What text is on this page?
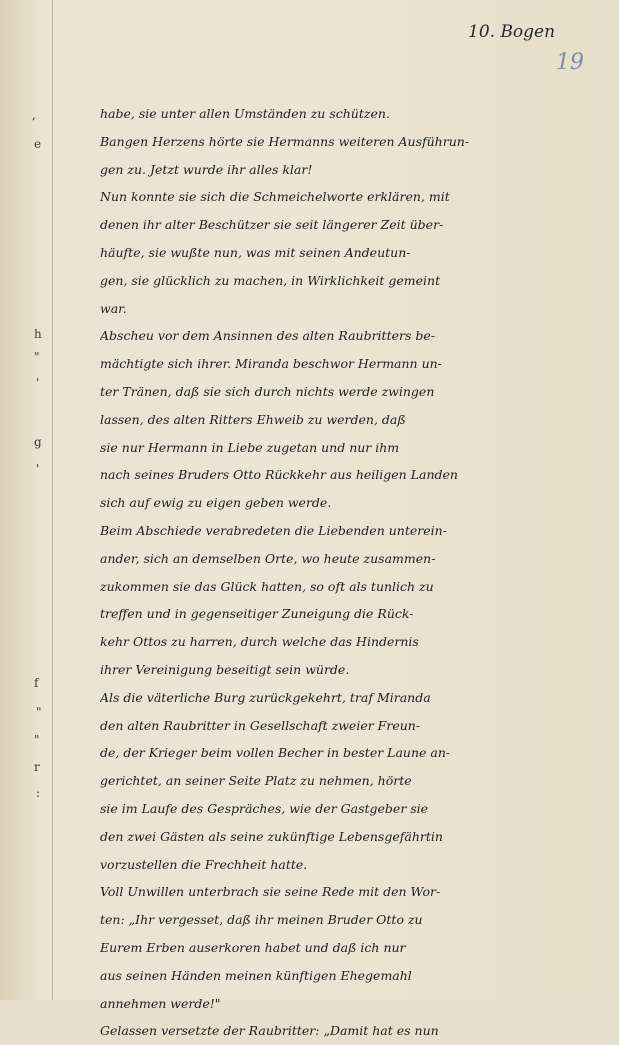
10. Bogen
19
,
e
h
"
'
g
'
f
"
"
r
:
habe, sie unter allen Umständen zu schützen.
Bangen Herzens hörte sie Hermanns weiteren Ausführun-
gen zu. Jetzt wurde ihr alles klar!
Nun konnte sie sich die Schmeichelworte erklären, mit
denen ihr alter Beschützer sie seit längerer Zeit über-
häufte, sie wußte nun, was mit seinen Andeutun-
gen, sie glücklich zu machen, in Wirklichkeit gemeint
war.
Abscheu vor dem Ansinnen des alten Raubritters be-
mächtigte sich ihrer. Miranda beschwor Hermann un-
ter Tränen, daß sie sich durch nichts werde zwingen
lassen, des alten Ritters Ehweib zu werden, daß
sie nur Hermann in Liebe zugetan und nur ihm
nach seines Bruders Otto Rückkehr aus heiligen Landen
sich auf ewig zu eigen geben werde.
Beim Abschiede verabredeten die Liebenden unterein-
ander, sich an demselben Orte, wo heute zusammen-
zukommen sie das Glück hatten, so oft als tunlich zu
treffen und in gegenseitiger Zuneigung die Rück-
kehr Ottos zu harren, durch welche das Hindernis
ihrer Vereinigung beseitigt sein würde.
Als die väterliche Burg zurückgekehrt, traf Miranda
den alten Raubritter in Gesellschaft zweier Freun-
de, der Krieger beim vollen Becher in bester Laune an-
gerichtet, an seiner Seite Platz zu nehmen, hörte
sie im Laufe des Gespräches, wie der Gastgeber sie
den zwei Gästen als seine zukünftige Lebensgefährtin
vorzustellen die Frechheit hatte.
Voll Unwillen unterbrach sie seine Rede mit den Wor-
ten: „Ihr vergesset, daß ihr meinen Bruder Otto zu
Eurem Erben auserkoren habet und daß ich nur
aus seinen Händen meinen künftigen Ehegemahl
annehmen werde!"
Gelassen versetzte der Raubritter: „Damit hat es nun
